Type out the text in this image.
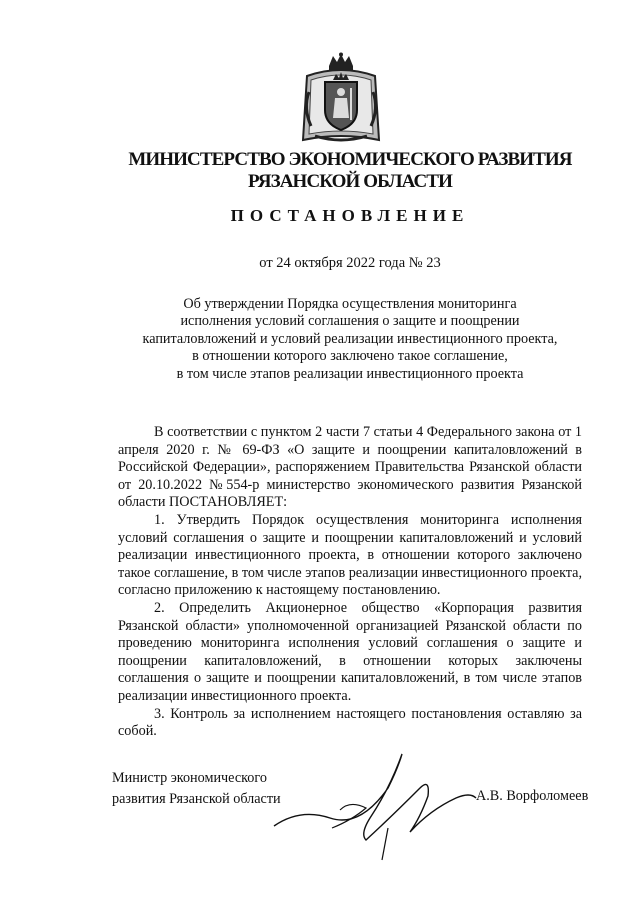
МИНИСТЕРСТВО ЭКОНОМИЧЕСКОГО РАЗВИТИЯ
РЯЗАНСКОЙ ОБЛАСТИ
ПОСТАНОВЛЕНИЕ
от 24 октября 2022 года № 23
Об утверждении Порядка осуществления мониторинга
исполнения условий соглашения о защите и поощрении
капиталовложений и условий реализации инвестиционного проекта,
в отношении которого заключено такое соглашение,
в том числе этапов реализации инвестиционного проекта

В соответствии с пунктом 2 части 7 статьи 4 Федерального закона от 1 апреля 2020 г. № 69-ФЗ «О защите и поощрении капиталовложений в Российской Федерации», распоряжением Правительства Рязанской области от 20.10.2022 №554-р министерство экономического развития Рязанской области ПОСТАНОВЛЯЕТ:

1. Утвердить Порядок осуществления мониторинга исполнения условий соглашения о защите и поощрении капиталовложений и условий реализации инвестиционного проекта, в отношении которого заключено такое соглашение, в том числе этапов реализации инвестиционного проекта, согласно приложению к настоящему постановлению.

2. Определить Акционерное общество «Корпорация развития Рязанской области» уполномоченной организацией Рязанской области по проведению мониторинга исполнения условий соглашения о защите и поощрении капиталовложений, в отношении которых заключены соглашения о защите и поощрении капиталовложений, в том числе этапов реализации инвестиционного проекта.

3. Контроль за исполнением настоящего постановления оставляю за собой.

Министр экономического
развития Рязанской области	А.В. Ворфоломеев
